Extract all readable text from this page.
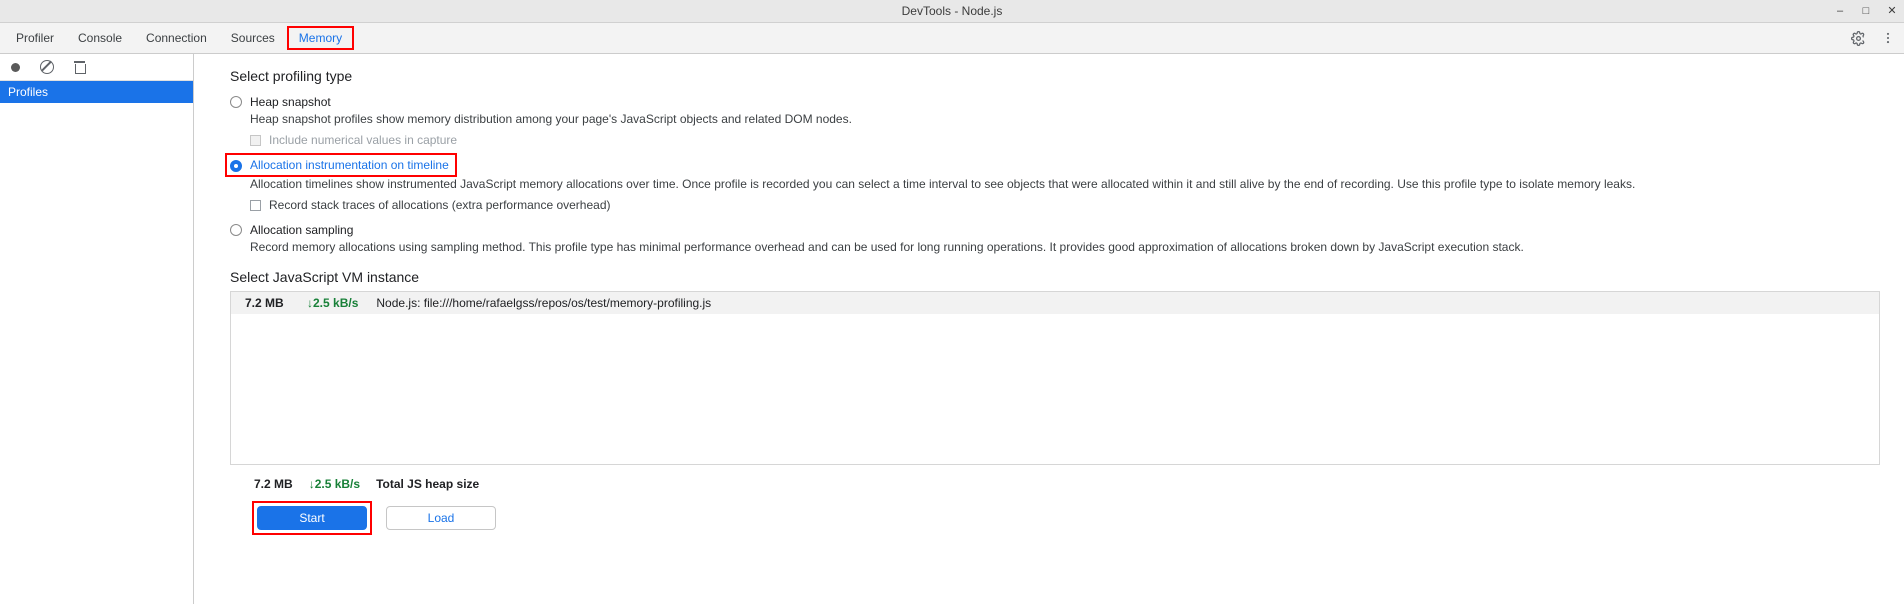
DevTools - Node.js	– □ ✕
Profiler Console Connection Sources Memory
Profiles
Select profiling type
Heap snapshot
Heap snapshot profiles show memory distribution among your page's JavaScript objects and related DOM nodes.
Include numerical values in capture
Allocation instrumentation on timeline
Allocation timelines show instrumented JavaScript memory allocations over time. Once profile is recorded you can select a time interval to see objects that were allocated within it and still alive by the end of recording. Use this profile type to isolate memory leaks.
Record stack traces of allocations (extra performance overhead)
Allocation sampling
Record memory allocations using sampling method. This profile type has minimal performance overhead and can be used for long running operations. It provides good approximation of allocations broken down by JavaScript execution stack.
Select JavaScript VM instance
7.2 MB	↓2.5 kB/s Node.js: file:///home/rafaelgss/repos/os/test/memory-profiling.js
7.2 MB ↓2.5 kB/s Total JS heap size
Start	Load
